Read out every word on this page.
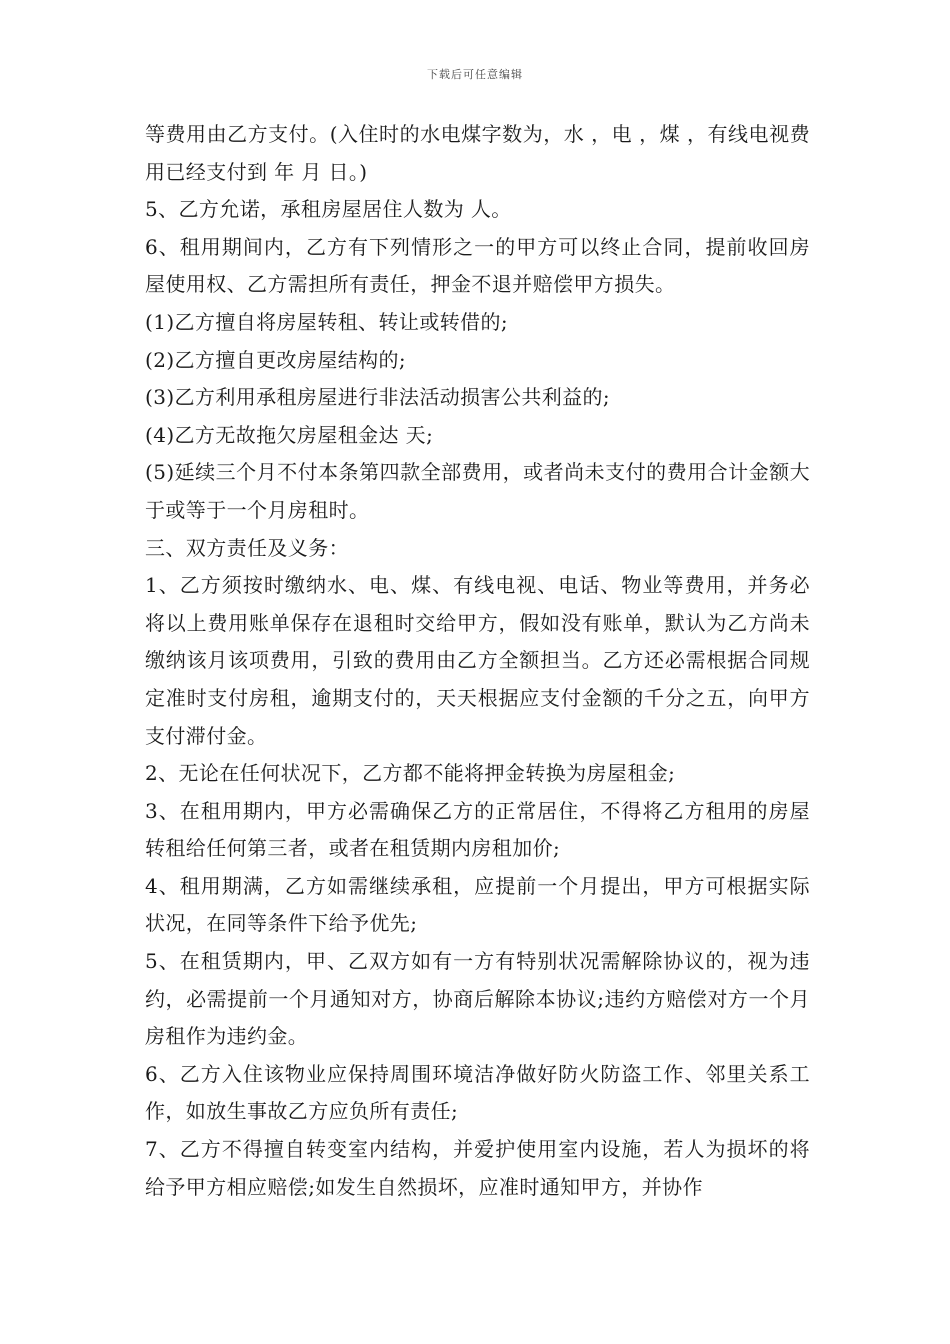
下载后可任意编辑

等费用由乙方支付。(入住时的水电煤字数为，水 ，电 ，煤 ，有线电视费用已经支付到 年 月 日。)

5、乙方允诺，承租房屋居住人数为 人。

6、租用期间内，乙方有下列情形之一的甲方可以终止合同，提前收回房屋使用权、乙方需担所有责任，押金不退并赔偿甲方损失。

(1)乙方擅自将房屋转租、转让或转借的;

(2)乙方擅自更改房屋结构的;

(3)乙方利用承租房屋进行非法活动损害公共利益的;

(4)乙方无故拖欠房屋租金达 天;

(5)延续三个月不付本条第四款全部费用，或者尚未支付的费用合计金额大于或等于一个月房租时。

三、双方责任及义务：

1、乙方须按时缴纳水、电、煤、有线电视、电话、物业等费用，并务必将以上费用账单保存在退租时交给甲方，假如没有账单，默认为乙方尚未缴纳该月该项费用，引致的费用由乙方全额担当。乙方还必需根据合同规定准时支付房租，逾期支付的，天天根据应支付金额的千分之五，向甲方支付滞付金。

2、无论在任何状况下，乙方都不能将押金转换为房屋租金;

3、在租用期内，甲方必需确保乙方的正常居住，不得将乙方租用的房屋转租给任何第三者，或者在租赁期内房租加价;

4、租用期满，乙方如需继续承租，应提前一个月提出，甲方可根据实际状况，在同等条件下给予优先;

5、在租赁期内，甲、乙双方如有一方有特别状况需解除协议的，视为违约，必需提前一个月通知对方，协商后解除本协议;违约方赔偿对方一个月房租作为违约金。

6、乙方入住该物业应保持周围环境洁净做好防火防盗工作、邻里关系工作，如放生事故乙方应负所有责任;

7、乙方不得擅自转变室内结构，并爱护使用室内设施，若人为损坏的将给予甲方相应赔偿;如发生自然损坏，应准时通知甲方，并协作
